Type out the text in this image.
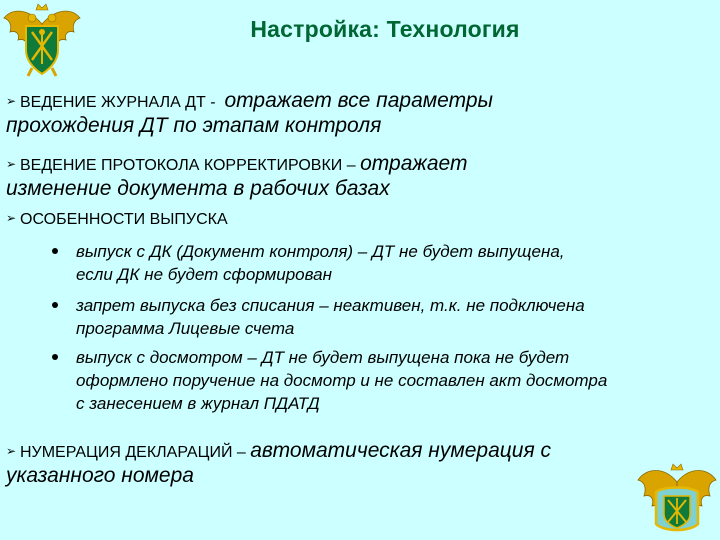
Настройка: Технология
➢ ВЕДЕНИЕ ЖУРНАЛА ДТ - отражает все параметры
прохождения ДТ по этапам контроля
➢ ВЕДЕНИЕ ПРОТОКОЛА КОРРЕКТИРОВКИ – отражает
изменение документа в рабочих базах
➢ ОСОБЕННОСТИ ВЫПУСКА
выпуск с ДК (Документ контроля) – ДТ не будет выпущена,
если ДК не будет сформирован
запрет выпуска без списания – неактивен, т.к. не подключена
программа Лицевые счета
выпуск с досмотром – ДТ не будет выпущена пока не будет
оформлено поручение на досмотр и не составлен акт досмотра
с занесением в журнал ПДАТД
➢ НУМЕРАЦИЯ ДЕКЛАРАЦИЙ – автоматическая нумерация с
указанного номера
